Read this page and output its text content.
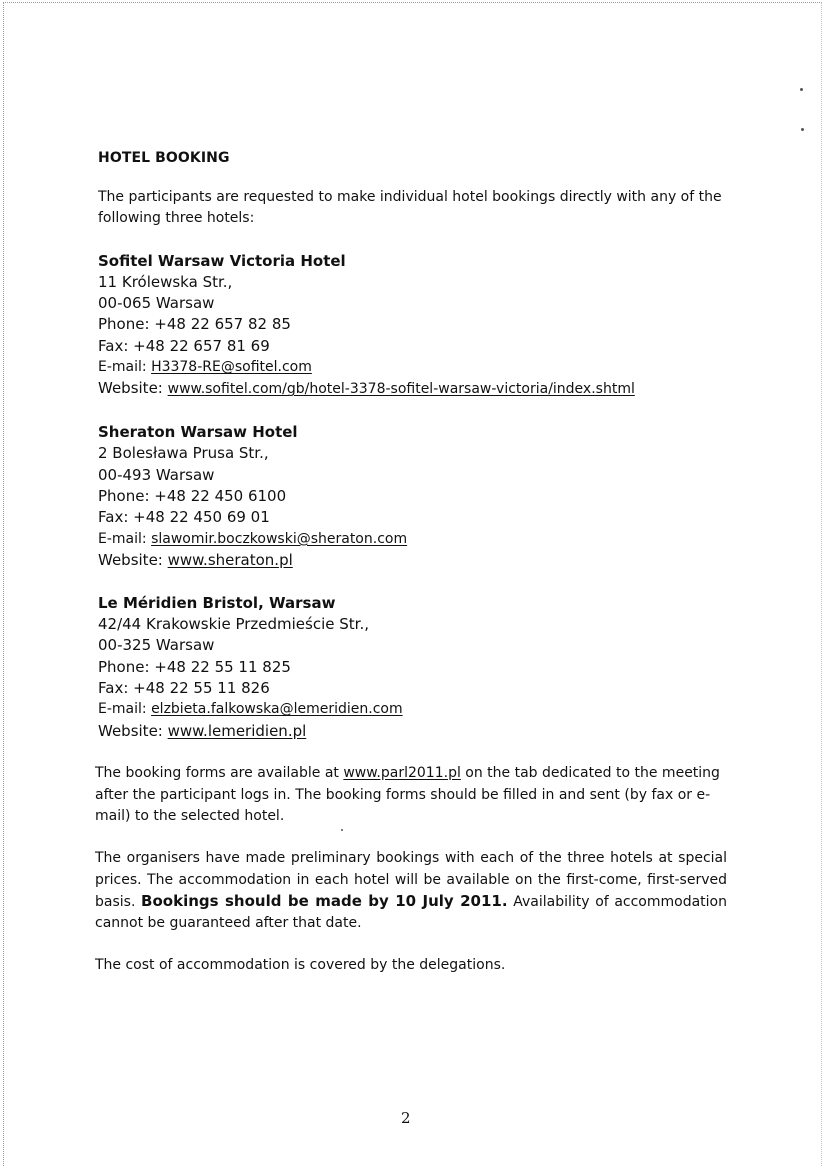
HOTEL BOOKING

The participants are requested to make individual hotel bookings directly with any of the following three hotels:

Sofitel Warsaw Victoria Hotel
11 Królewska Str.,
00-065 Warsaw
Phone: +48 22 657 82 85
Fax: +48 22 657 81 69
E-mail: H3378-RE@sofitel.com
Website: www.sofitel.com/gb/hotel-3378-sofitel-warsaw-victoria/index.shtml
Sheraton Warsaw Hotel
2 Bolesława Prusa Str.,
00-493 Warsaw
Phone: +48 22 450 6100
Fax: +48 22 450 69 01
E-mail: slawomir.boczkowski@sheraton.com
Website: www.sheraton.pl
Le Méridien Bristol, Warsaw
42/44 Krakowskie Przedmieście Str.,
00-325 Warsaw
Phone: +48 22 55 11 825
Fax: +48 22 55 11 826
E-mail: elzbieta.falkowska@lemeridien.com
Website: www.lemeridien.pl

The booking forms are available at www.parl2011.pl on the tab dedicated to the meeting after the participant logs in. The booking forms should be filled in and sent (by fax or e-mail) to the selected hotel.

The organisers have made preliminary bookings with each of the three hotels at special prices. The accommodation in each hotel will be available on the first-come, first-served basis. Bookings should be made by 10 July 2011. Availability of accommodation cannot be guaranteed after that date.

The cost of accommodation is covered by the delegations.

2
